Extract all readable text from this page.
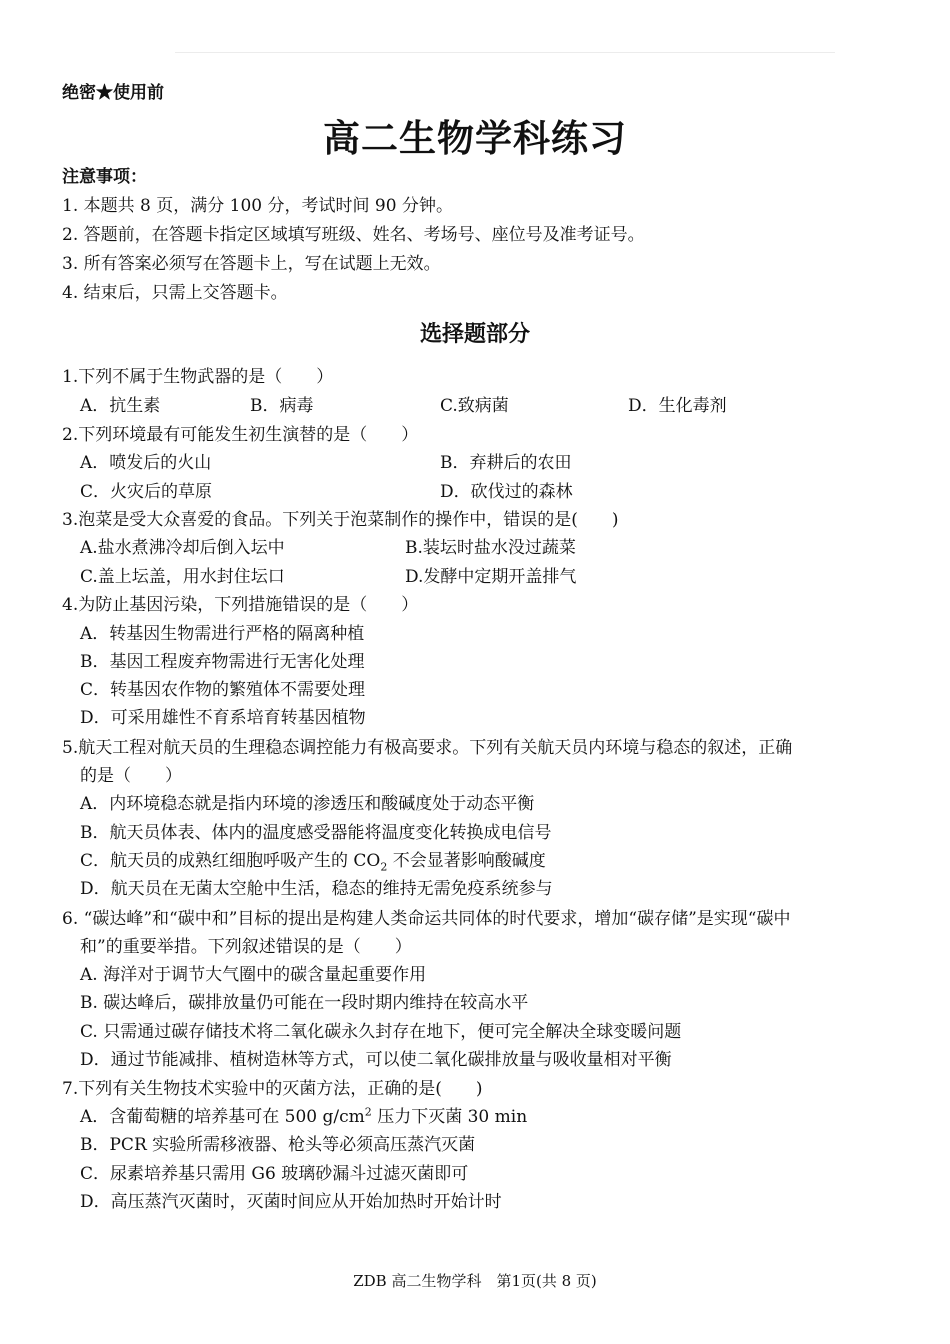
绝密★使用前
高二生物学科练习
注意事项：
1. 本题共 8 页，满分 100 分，考试时间 90 分钟。
2. 答题前，在答题卡指定区域填写班级、姓名、考场号、座位号及准考证号。
3. 所有答案必须写在答题卡上，写在试题上无效。
4. 结束后，只需上交答题卡。
选择题部分
1.下列不属于生物武器的是（　　）
A．抗生素	B．病毒	C.致病菌	D．生化毒剂
2.下列环境最有可能发生初生演替的是（　　）
A．喷发后的火山	B．弃耕后的农田
C．火灾后的草原	D．砍伐过的森林
3.泡菜是受大众喜爱的食品。下列关于泡菜制作的操作中，错误的是(　　)
A.盐水煮沸冷却后倒入坛中	B.装坛时盐水没过蔬菜
C.盖上坛盖，用水封住坛口	D.发酵中定期开盖排气
4.为防止基因污染，下列措施错误的是（　　）
A．转基因生物需进行严格的隔离种植
B．基因工程废弃物需进行无害化处理
C．转基因农作物的繁殖体不需要处理
D．可采用雄性不育系培育转基因植物
5.航天工程对航天员的生理稳态调控能力有极高要求。下列有关航天员内环境与稳态的叙述，正确
的是（　　）
A．内环境稳态就是指内环境的渗透压和酸碱度处于动态平衡
B．航天员体表、体内的温度感受器能将温度变化转换成电信号
C．航天员的成熟红细胞呼吸产生的 $CO_2$ 不会显著影响酸碱度
D．航天员在无菌太空舱中生活，稳态的维持无需免疫系统参与
6. “碳达峰”和“碳中和”目标的提出是构建人类命运共同体的时代要求，增加“碳存储”是实现“碳中
和”的重要举措。下列叙述错误的是（　　）
A. 海洋对于调节大气圈中的碳含量起重要作用
B. 碳达峰后，碳排放量仍可能在一段时期内维持在较高水平
C. 只需通过碳存储技术将二氧化碳永久封存在地下，便可完全解决全球变暖问题
D．通过节能减排、植树造林等方式，可以使二氧化碳排放量与吸收量相对平衡
7.下列有关生物技术实验中的灭菌方法，正确的是(　　)
A．含葡萄糖的培养基可在 500 $g/cm^2$ 压力下灭菌 30 min
B．PCR 实验所需移液器、枪头等必须高压蒸汽灭菌
C．尿素培养基只需用 G6 玻璃砂漏斗过滤灭菌即可
D．高压蒸汽灭菌时，灭菌时间应从开始加热时开始计时
ZDB 高二生物学科　第1页(共 8 页)
